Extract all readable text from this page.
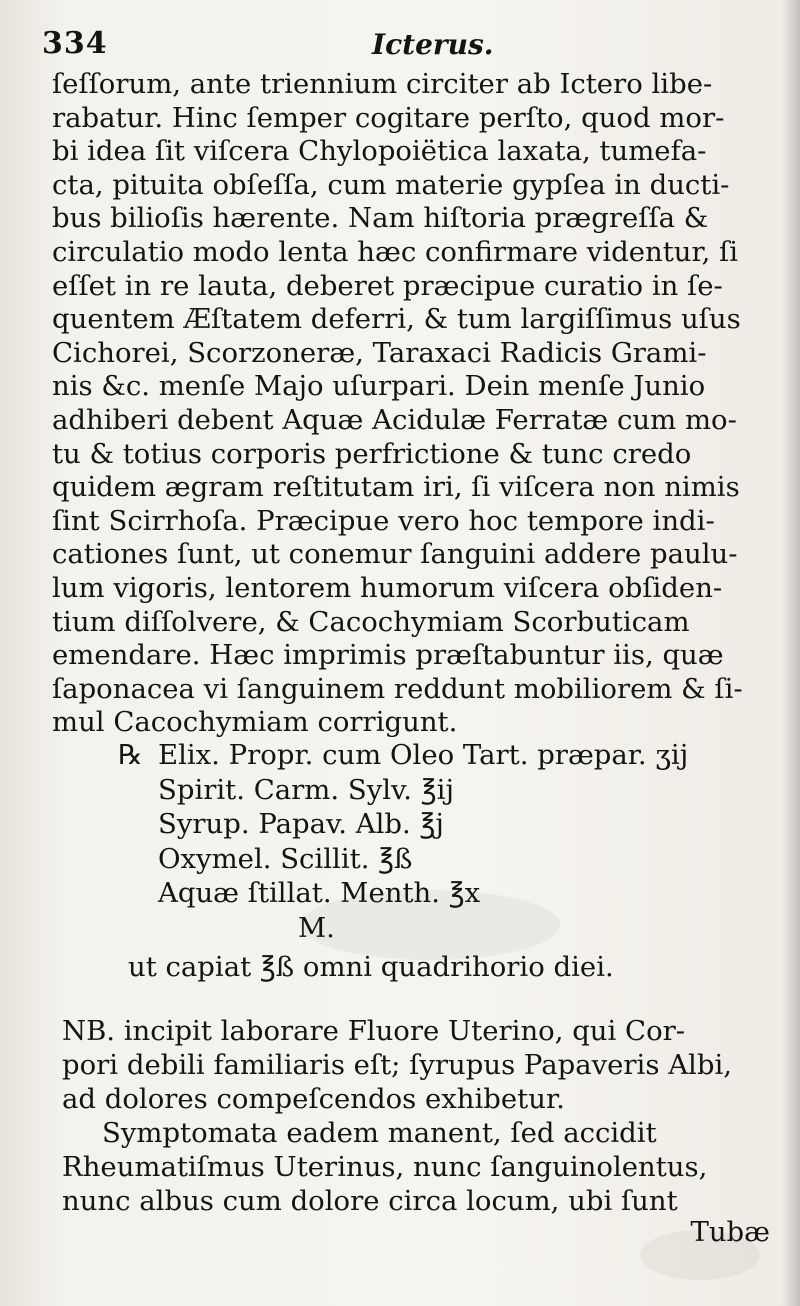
334	Icterus.
ſeſſorum, ante triennium circiter ab Ictero libe-
rabatur. Hinc ſemper cogitare perſto, quod mor-
bi idea ſit viſcera Chylopoiëtica laxata, tumefa-
cta, pituita obſeſſa, cum materie gypſea in ducti-
bus bilioſis hærente. Nam hiſtoria prægreſſa &
circulatio modo lenta hæc confirmare videntur, ſi
eſſet in re lauta, deberet præcipue curatio in ſe-
quentem Æſtatem deferri, & tum largiſſimus uſus
Cichorei, Scorzoneræ, Taraxaci Radicis Grami-
nis &c. menſe Majo uſurpari. Dein menſe Junio
adhiberi debent Aquæ Acidulæ Ferratæ cum mo-
tu & totius corporis perfrictione & tunc credo
quidem ægram reſtitutam iri, ſi viſcera non nimis
ſint Scirrhoſa. Præcipue vero hoc tempore indi-
cationes ſunt, ut conemur ſanguini addere paulu-
lum vigoris, lentorem humorum viſcera obſiden-
tium diſſolvere, & Cacochymiam Scorbuticam
emendare. Hæc imprimis præſtabuntur iis, quæ
ſaponacea vi ſanguinem reddunt mobiliorem & ſi-
mul Cacochymiam corrigunt.
℞ Elix. Propr. cum Oleo Tart. præpar. ʒij
Spirit. Carm. Sylv. ℥ij
Syrup. Papav. Alb. ℥j
Oxymel. Scillit. ℥ß
Aquæ ſtillat. Menth. ℥x
M.
ut capiat ℥ß omni quadrihorio diei.
NB. incipit laborare Fluore Uterino, qui Cor-
pori debili familiaris eſt; ſyrupus Papaveris Albi,
ad dolores compeſcendos exhibetur.
Symptomata eadem manent, ſed accidit
Rheumatiſmus Uterinus, nunc ſanguinolentus,
nunc albus cum dolore circa locum, ubi ſunt
Tubæ
